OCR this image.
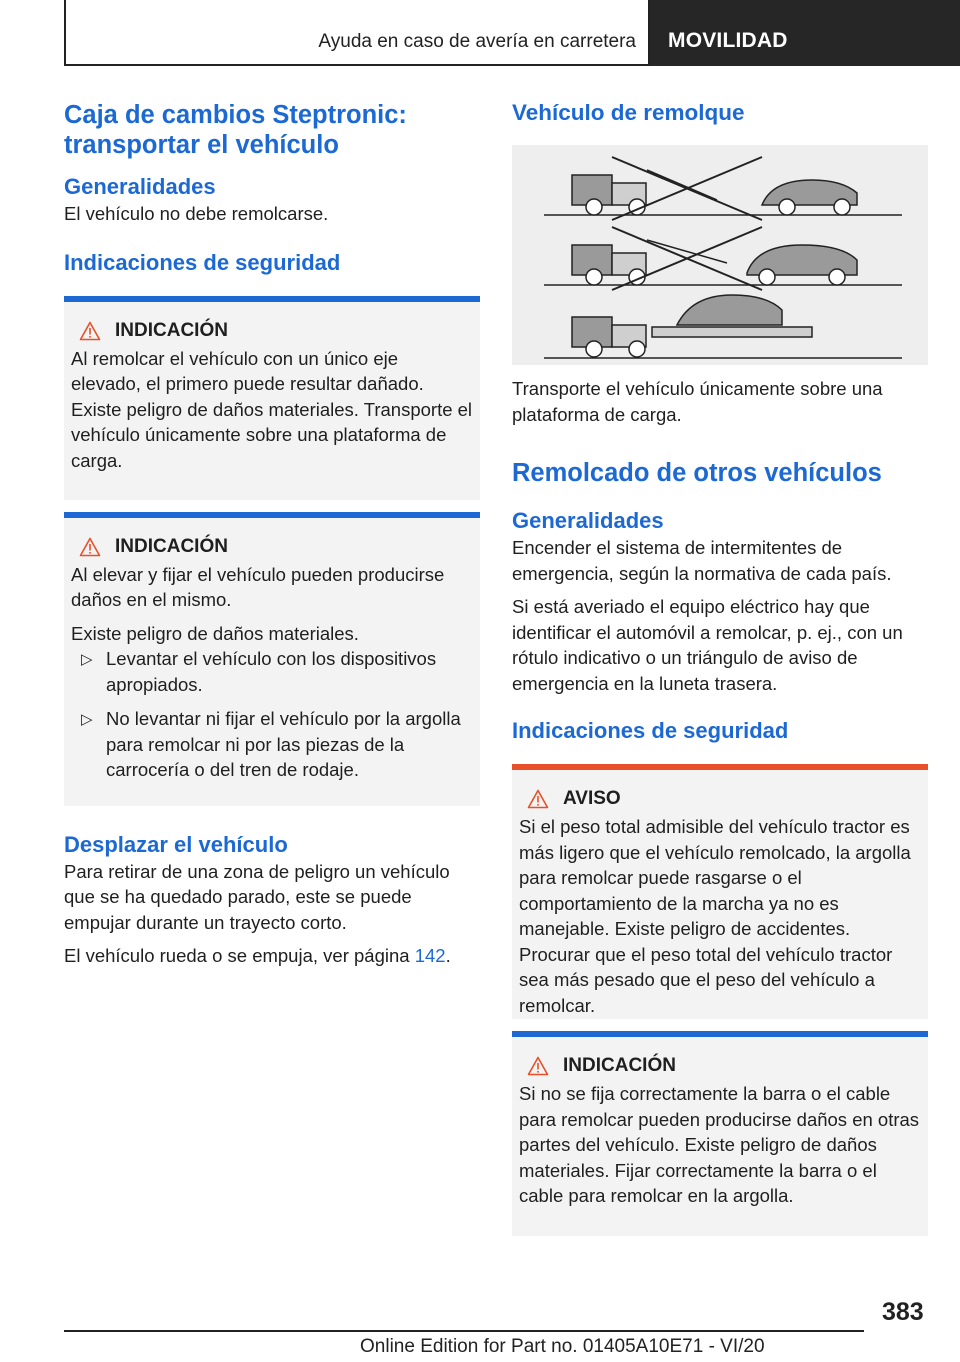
Ayuda en caso de avería en carretera MOVILIDAD
Caja de cambios Steptronic: transportar el vehículo
Generalidades
El vehículo no debe remolcarse.
Indicaciones de seguridad
INDICACIÓN
Al remolcar el vehículo con un único eje elevado, el primero puede resultar dañado. Existe peligro de daños materiales. Transporte el vehículo únicamente sobre una plataforma de carga.
INDICACIÓN
Al elevar y fijar el vehículo pueden producirse daños en el mismo.
Existe peligro de daños materiales.
▷ Levantar el vehículo con los dispositivos apropiados.
▷ No levantar ni fijar el vehículo por la argolla para remolcar ni por las piezas de la carrocería o del tren de rodaje.
Desplazar el vehículo
Para retirar de una zona de peligro un vehículo que se ha quedado parado, este se puede empujar durante un trayecto corto.
El vehículo rueda o se empuja, ver página 142.
Vehículo de remolque
Transporte el vehículo únicamente sobre una plataforma de carga.
Remolcado de otros vehículos
Generalidades
Encender el sistema de intermitentes de emergencia, según la normativa de cada país.
Si está averiado el equipo eléctrico hay que identificar el automóvil a remolcar, p. ej., con un rótulo indicativo o un triángulo de aviso de emergencia en la luneta trasera.
Indicaciones de seguridad
AVISO
Si el peso total admisible del vehículo tractor es más ligero que el vehículo remolcado, la argolla para remolcar puede rasgarse o el comportamiento de la marcha ya no es manejable. Existe peligro de accidentes. Procurar que el peso total del vehículo tractor sea más pesado que el peso del vehículo a remolcar.
INDICACIÓN
Si no se fija correctamente la barra o el cable para remolcar pueden producirse daños en otras partes del vehículo. Existe peligro de daños materiales. Fijar correctamente la barra o el cable para remolcar en la argolla.
383
Online Edition for Part no. 01405A10E71 - VI/20
